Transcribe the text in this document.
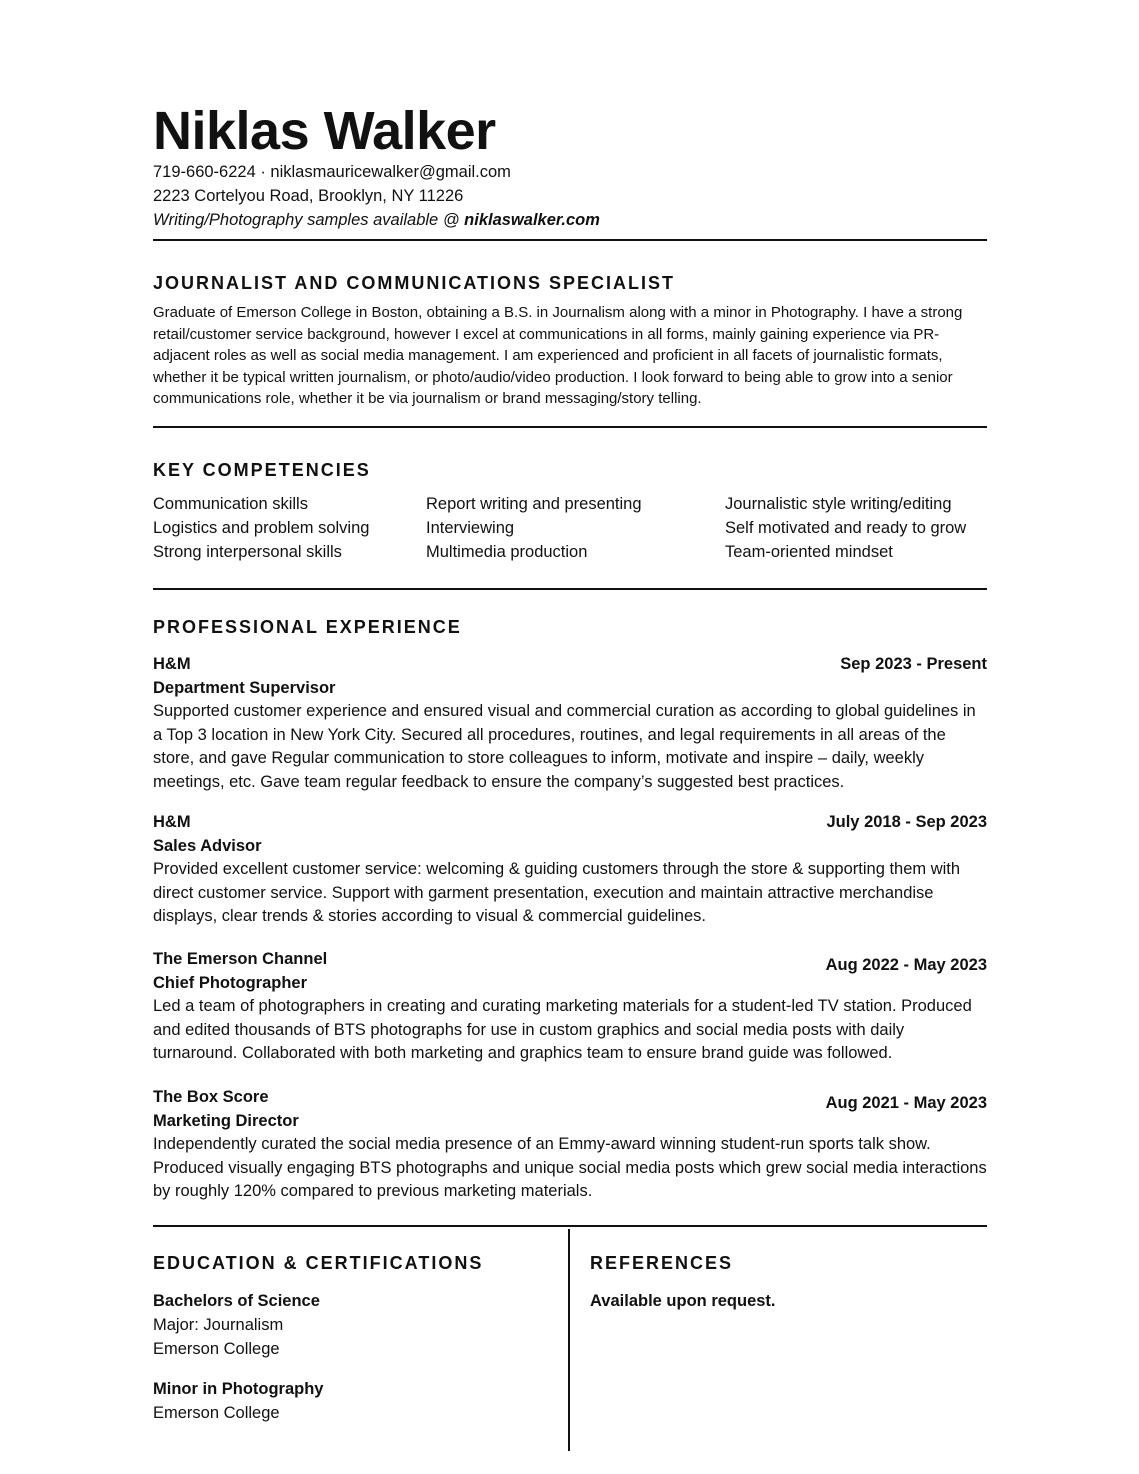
Niklas Walker
719-660-6224 · niklasmauricewalker@gmail.com
2223 Cortelyou Road, Brooklyn, NY 11226
Writing/Photography samples available @ niklaswalker.com
JOURNALIST AND COMMUNICATIONS SPECIALIST

Graduate of Emerson College in Boston, obtaining a B.S. in Journalism along with a minor in Photography. I have a strong retail/customer service background, however I excel at communications in all forms, mainly gaining experience via PR-adjacent roles as well as social media management. I am experienced and proficient in all facets of journalistic formats, whether it be typical written journalism, or photo/audio/video production. I look forward to being able to grow into a senior communications role, whether it be via journalism or brand messaging/story telling.

KEY COMPETENCIES
Communication skills
Logistics and problem solving
Strong interpersonal skills
Report writing and presenting
Interviewing
Multimedia production
Journalistic style writing/editing
Self motivated and ready to grow
Team-oriented mindset
PROFESSIONAL EXPERIENCE
Sep 2023 - Present
H&M
Department Supervisor

Supported customer experience and ensured visual and commercial curation as according to global guidelines in a Top 3 location in New York City. Secured all procedures, routines, and legal requirements in all areas of the store, and gave Regular communication to store colleagues to inform, motivate and inspire – daily, weekly meetings, etc. Gave team regular feedback to ensure the company’s suggested best practices.

July 2018 - Sep 2023
H&M
Sales Advisor

Provided excellent customer service: welcoming & guiding customers through the store & supporting them with direct customer service. Support with garment presentation, execution and maintain attractive merchandise displays, clear trends & stories according to visual & commercial guidelines.

Aug 2022 - May 2023
The Emerson Channel
Chief Photographer

Led a team of photographers in creating and curating marketing materials for a student-led TV station. Produced and edited thousands of BTS photographs for use in custom graphics and social media posts with daily turnaround. Collaborated with both marketing and graphics team to ensure brand guide was followed.

Aug 2021 - May 2023
The Box Score
Marketing Director

Independently curated the social media presence of an Emmy-award winning student-run sports talk show. Produced visually engaging BTS photographs and unique social media posts which grew social media interactions by roughly 120% compared to previous marketing materials.

EDUCATION & CERTIFICATIONS
Bachelors of Science
Major: Journalism
Emerson College
Minor in Photography
Emerson College
REFERENCES
Available upon request.
